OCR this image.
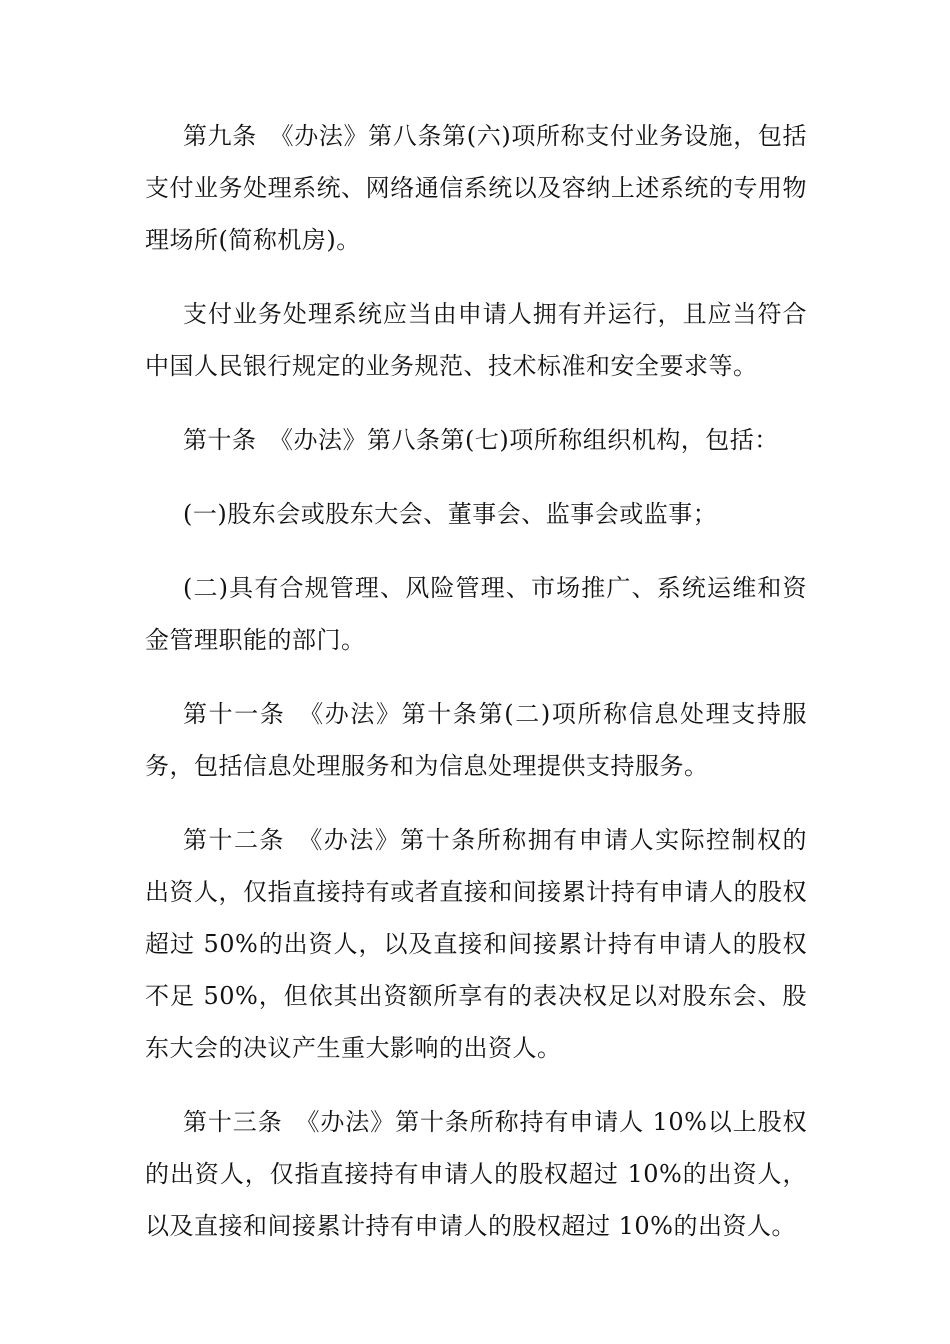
第九条　《办法》第八条第(六)项所称支付业务设施，包括支付业务处理系统、网络通信系统以及容纳上述系统的专用物理场所(简称机房)。

支付业务处理系统应当由申请人拥有并运行，且应当符合中国人民银行规定的业务规范、技术标准和安全要求等。

第十条　《办法》第八条第(七)项所称组织机构，包括：

(一)股东会或股东大会、董事会、监事会或监事；

(二)具有合规管理、风险管理、市场推广、系统运维和资金管理职能的部门。

第十一条　《办法》第十条第(二)项所称信息处理支持服务，包括信息处理服务和为信息处理提供支持服务。

第十二条　《办法》第十条所称拥有申请人实际控制权的出资人，仅指直接持有或者直接和间接累计持有申请人的股权超过 50%的出资人，以及直接和间接累计持有申请人的股权不足 50%，但依其出资额所享有的表决权足以对股东会、股东大会的决议产生重大影响的出资人。

第十三条　《办法》第十条所称持有申请人 10%以上股权的出资人，仅指直接持有申请人的股权超过 10%的出资人，以及直接和间接累计持有申请人的股权超过 10%的出资人。
